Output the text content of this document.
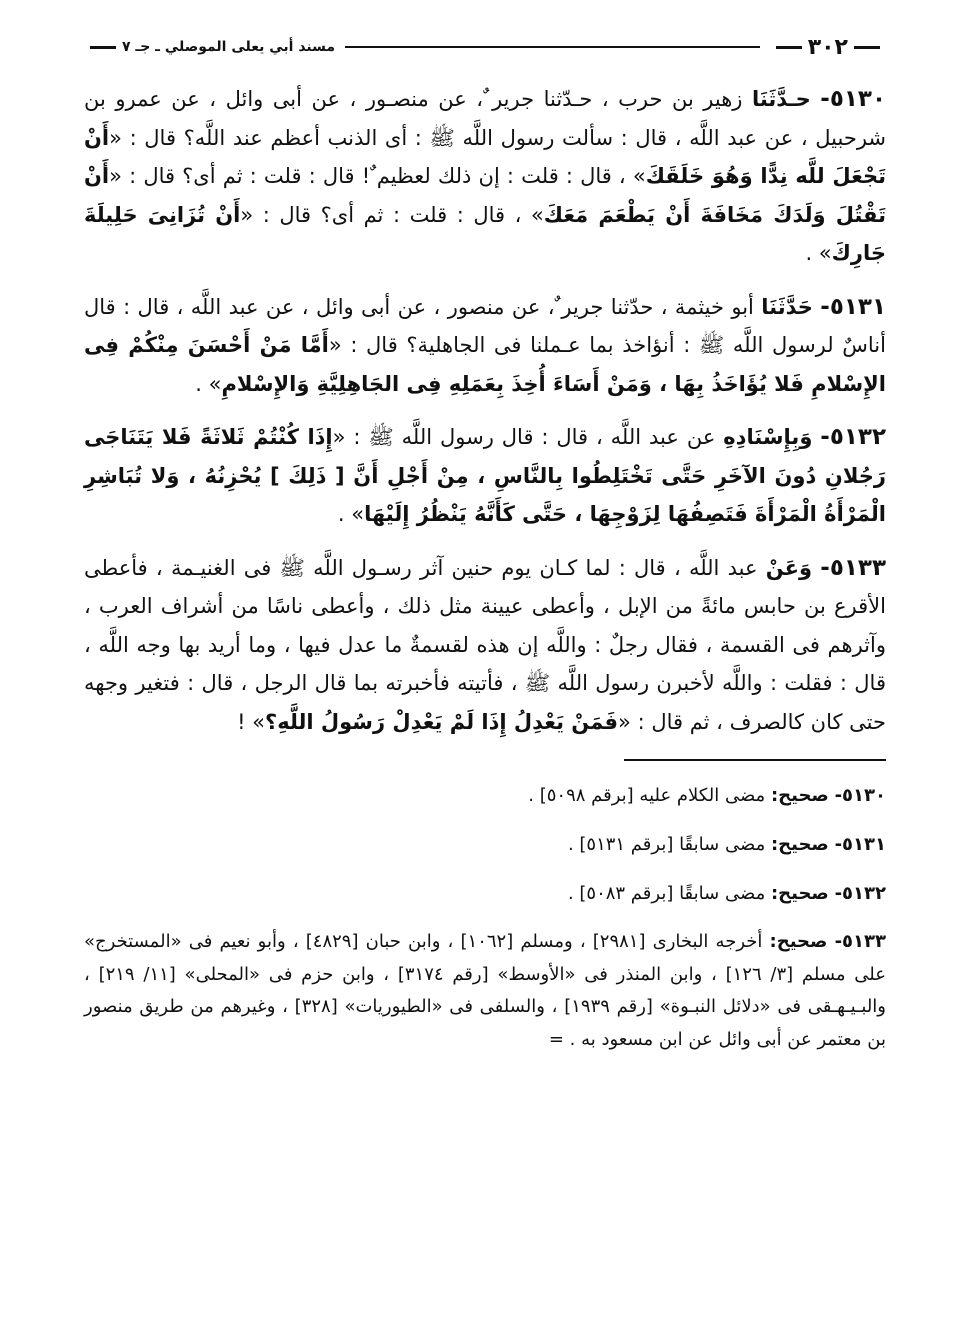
٣٠٢
مسند أبي يعلى الموصلي ـ جـ ٧

٥١٣٠- حـدَّثَنَا زهير بن حرب ، حـدّثنا جرير ٌ، عن منصـور ، عن أبى وائل ، عن عمرو بن شرحبيل ، عن عبد اللَّه ، قال : سألت رسول اللَّه ﷺ : أى الذنب أعظم عند اللَّه؟ قال : «أَنْ تَجْعَلَ للَّه نِدًّا وَهُوَ خَلَقَكَ» ، قال : قلت : إن ذلك لعظيم ٌ! قال : قلت : ثم أى؟ قال : «أَنْ تَقْتُلَ وَلَدَكَ مَخَافَةَ أَنْ يَطْعَمَ مَعَكَ» ، قال : قلت : ثم أى؟ قال : «أَنْ تُزَانِىَ حَلِيلَةَ جَارِكَ» .

٥١٣١- حَدَّثَنَا أبو خيثمة ، حدّثنا جرير ٌ، عن منصور ، عن أبى وائل ، عن عبد اللَّه ، قال : قال أناسٌ لرسول اللَّه ﷺ : أنؤاخذ بما عـملنا فى الجاهلية؟ قال : «أَمَّا مَنْ أَحْسَنَ مِنْكُمْ فِى الإِسْلامِ فَلا يُؤَاخَذُ بِهَا ، وَمَنْ أَسَاءَ أُخِذَ بِعَمَلِهِ فِى الجَاهِلِيَّةِ وَالإِسْلامِ» .

٥١٣٢- وَبِإِسْنَادِهِ عن عبد اللَّه ، قال : قال رسول اللَّه ﷺ : «إِذَا كُنْتُمْ ثَلاثَةً فَلا يَتَنَاجَى رَجُلانِ دُونَ الآخَرِ حَتَّى تَخْتَلِطُوا بِالنَّاسِ ، مِنْ أَجْلِ أَنَّ [ ذَلِكَ ] يُحْزِنُهُ ، وَلا تُبَاشِرِ الْمَرْأَةُ الْمَرْأَةَ فَتَصِفُهَا لِزَوْجِهَا ، حَتَّى كَأَنَّهُ يَنْظُرُ إِلَيْهَا» .

٥١٣٣- وَعَنْ عبد اللَّه ، قال : لما كـان يوم حنين آثر رسـول اللَّه ﷺ فى الغنيـمة ، فأعطى الأقرع بن حابس مائةً من الإبل ، وأعطى عيينة مثل ذلك ، وأعطى ناسًا من أشراف العرب ، وآثرهم فى القسمة ، فقال رجلٌ : واللَّه إن هذه لقسمةٌ ما عدل فيها ، وما أريد بها وجه اللَّه ، قال : فقلت : واللَّه لأخبرن رسول اللَّه ﷺ ، فأتيته فأخبرته بما قال الرجل ، قال : فتغير وجهه حتى كان كالصرف ، ثم قال : «فَمَنْ يَعْدِلُ إِذَا لَمْ يَعْدِلْ رَسُولُ اللَّهِ؟» !

٥١٣٠- صحيح: مضى الكلام عليه [برقم ٥٠٩٨] .

٥١٣١- صحيح: مضى سابقًا [برقم ٥١٣١] .

٥١٣٢- صحيح: مضى سابقًا [برقم ٥٠٨٣] .

٥١٣٣- صحيح: أخرجه البخارى [٢٩٨١] ، ومسلم [١٠٦٢] ، وابن حبان [٤٨٢٩] ، وأبو نعيم فى «المستخرج» على مسلم [٣/ ١٢٦] ، وابن المنذر فى «الأوسط» [رقم ٣١٧٤] ، وابن حزم فى «المحلى» [١١/ ٢١٩] ، والبـيـهـقى فى «دلائل النبـوة» [رقم ١٩٣٩] ، والسلفى فى «الطيوريات» [٣٢٨] ، وغيرهم من طريق منصور بن معتمر عن أبى وائل عن ابن مسعود به . =
